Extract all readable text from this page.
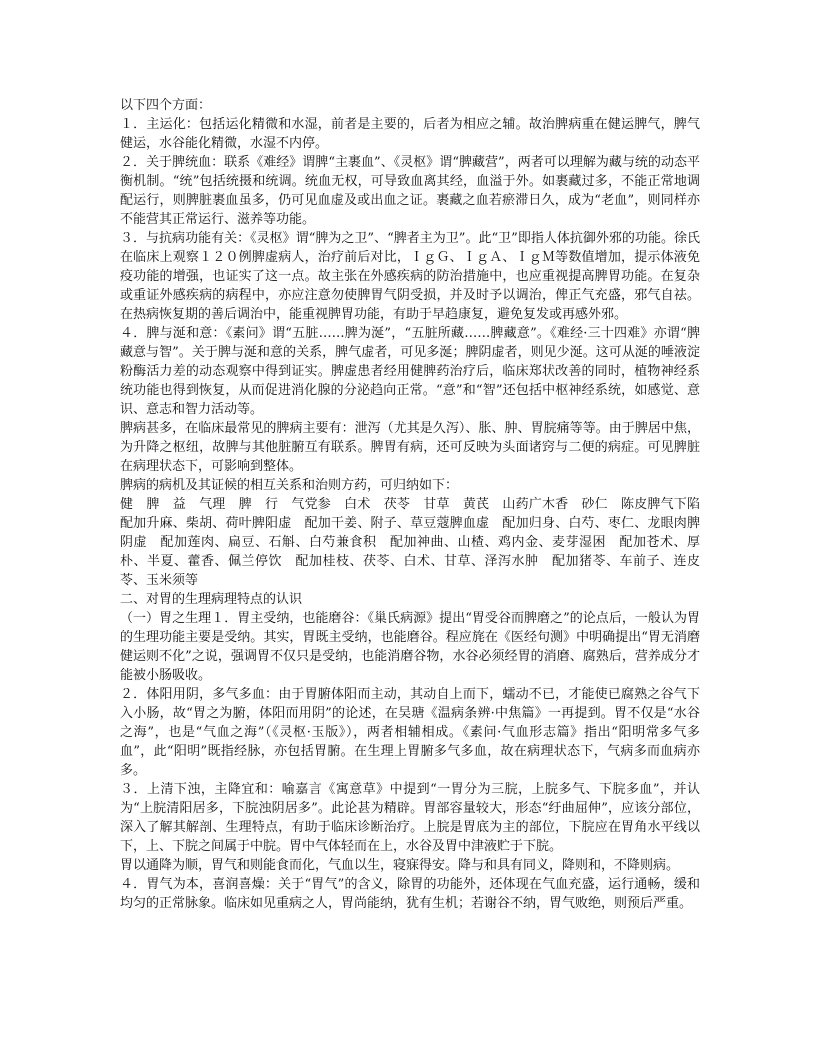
以下四个方面：

１．主运化：包括运化精微和水湿，前者是主要的，后者为相应之辅。故治脾病重在健运脾气，脾气健运，水谷能化精微，水湿不内停。

２．关于脾统血：联系《难经》谓脾“主裹血”、《灵枢》谓“脾藏营”，两者可以理解为藏与统的动态平衡机制。“统”包括统摄和统调。统血无权，可导致血离其经，血溢于外。如裹藏过多，不能正常地调配运行，则脾脏裹血虽多，仍可见血虚及或出血之证。裹藏之血若瘀滞日久，成为“老血”，则同样亦不能营其正常运行、滋养等功能。

３．与抗病功能有关：《灵枢》谓“脾为之卫”、“脾者主为卫”。此“卫”即指人体抗御外邪的功能。徐氏在临床上观察１２０例脾虚病人，治疗前后对比，ＩｇＧ、ＩｇＡ、ＩｇＭ等数值增加，提示体液免疫功能的增强，也证实了这一点。故主张在外感疾病的防治措施中，也应重视提高脾胃功能。在复杂或重证外感疾病的病程中，亦应注意勿使脾胃气阴受损，并及时予以调治，俾正气充盛，邪气自祛。在热病恢复期的善后调治中，能重视脾胃功能，有助于早趋康复，避免复发或再感外邪。

４．脾与涎和意：《素问》谓“五脏……脾为涎”，“五脏所藏……脾藏意”。《难经·三十四难》亦谓“脾藏意与智”。关于脾与涎和意的关系，脾气虚者，可见多涎；脾阴虚者，则见少涎。这可从涎的唾液淀粉酶活力差的动态观察中得到证实。脾虚患者经用健脾药治疗后，临床郑状改善的同时，植物神经系统功能也得到恢复，从而促进消化腺的分泌趋向正常。“意”和“智”还包括中枢神经系统，如感觉、意识、意志和智力活动等。

脾病甚多，在临床最常见的脾病主要有：泄泻（尤其是久泻）、胀、肿、胃脘痛等等。由于脾居中焦，为升降之枢纽，故脾与其他脏腑互有联系。脾胃有病，还可反映为头面诸窍与二便的病症。可见脾脏在病理状态下，可影响到整体。

脾病的病机及其证候的相互关系和治则方药，可归纳如下：

健　脾　益　气理　脾　行　气党参　白术　茯苓　甘草　黄芪　山药广木香　砂仁　陈皮脾气下陷　配加升麻、柴胡、荷叶脾阳虚　配加干姜、附子、草豆蔻脾血虚　配加归身、白芍、枣仁、龙眼肉脾阴虚　配加莲肉、扁豆、石斛、白芍兼食积　配加神曲、山楂、鸡内金、麦芽湿困　配加苍术、厚朴、半夏、藿香、佩兰停饮　配加桂枝、茯苓、白术、甘草、泽泻水肿　配加猪苓、车前子、连皮苓、玉米须等

二、对胃的生理病理特点的认识

（一）胃之生理１．胃主受纳，也能磨谷：《巢氏病源》提出“胃受谷而脾磨之”的论点后，一般认为胃的生理功能主要是受纳。其实，胃既主受纳，也能磨谷。程应旄在《医经句测》中明确提出“胃无消磨健运则不化”之说，强调胃不仅只是受纳，也能消磨谷物，水谷必须经胃的消磨、腐熟后，营养成分才能被小肠吸收。

２．体阳用阴，多气多血：由于胃腑体阳而主动，其动自上而下，蠕动不已，才能使已腐熟之谷气下入小肠，故“胃之为腑，体阳而用阴”的论述，在吴瑭《温病条辨·中焦篇》一再提到。胃不仅是“水谷之海”，也是“气血之海”（《灵枢·玉版》），两者相辅相成。《素问·气血形志篇》指出“阳明常多气多血”，此“阳明”既指经脉，亦包括胃腑。在生理上胃腑多气多血，故在病理状态下，气病多而血病亦多。

３．上清下浊，主降宜和：喻嘉言《寓意草》中提到“一胃分为三脘，上脘多气、下脘多血”，并认为“上脘清阳居多，下脘浊阴居多”。此论甚为精辟。胃部容量较大，形态“纡曲屈伸”，应该分部位，深入了解其解剖、生理特点，有助于临床诊断治疗。上脘是胃底为主的部位，下脘应在胃角水平线以下，上、下脘之间属于中脘。胃中气体轻而在上，水谷及胃中津液贮于下脘。

胃以通降为顺，胃气和则能食而化，气血以生，寝寐得安。降与和具有同义，降则和，不降则病。

４．胃气为本，喜润喜燥：关于“胃气”的含义，除胃的功能外，还体现在气血充盛，运行通畅，缓和均匀的正常脉象。临床如见重病之人，胃尚能纳，犹有生机；若谢谷不纳，胃气败绝，则预后严重。
